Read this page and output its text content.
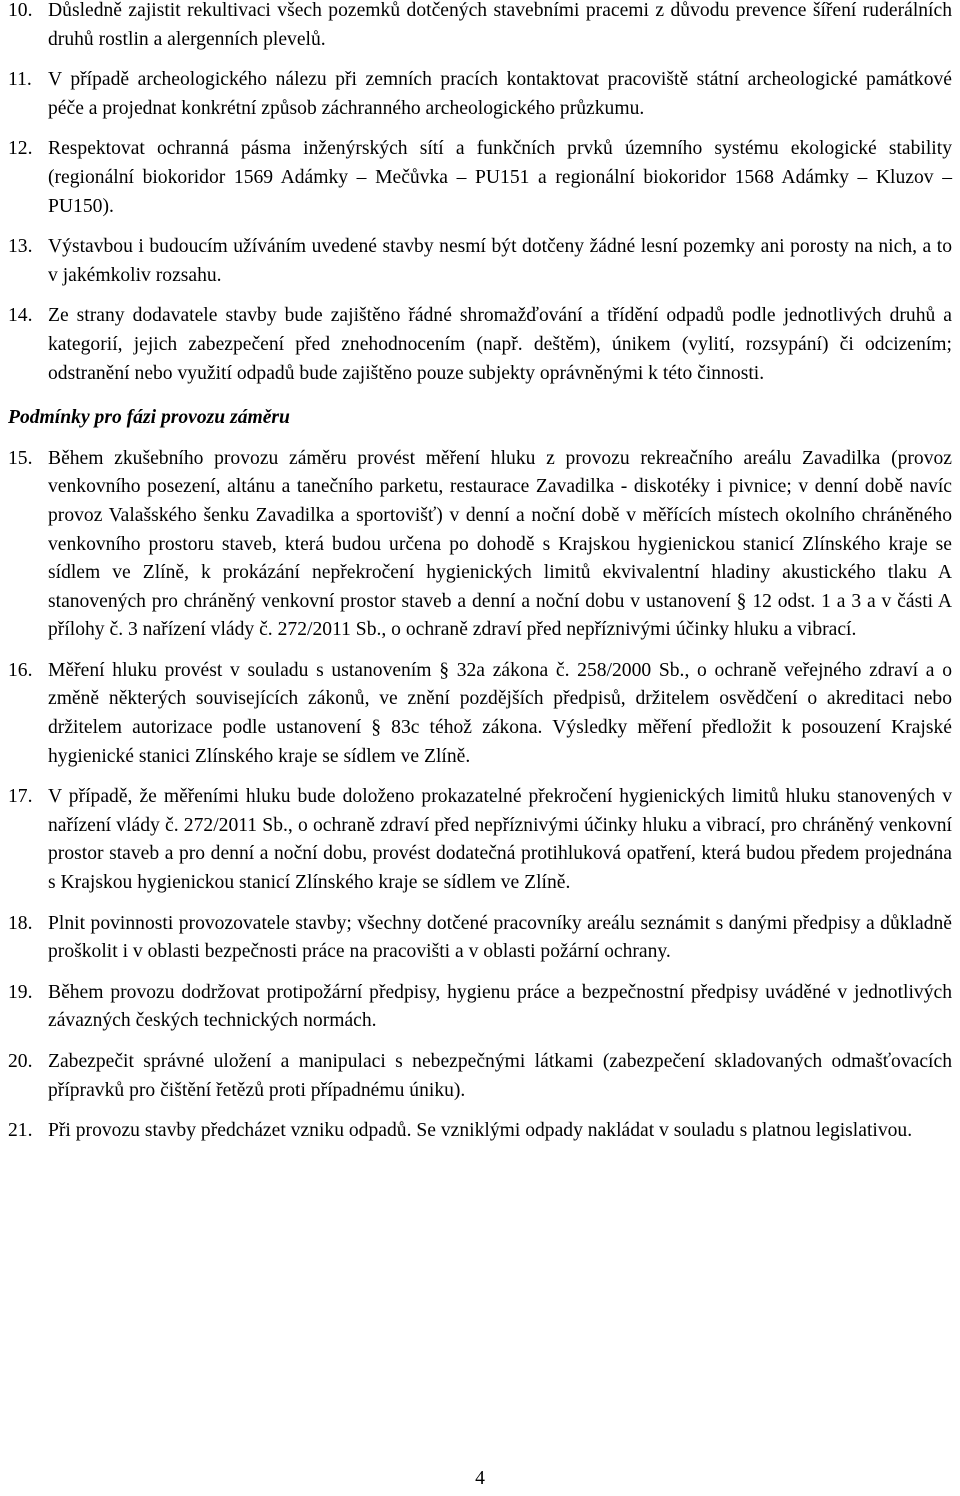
10. Důsledně zajistit rekultivaci všech pozemků dotčených stavebními pracemi z důvodu prevence šíření ruderálních druhů rostlin a alergenních plevelů.
11. V případě archeologického nálezu při zemních pracích kontaktovat pracoviště státní archeologické památkové péče a projednat konkrétní způsob záchranného archeologického průzkumu.
12. Respektovat ochranná pásma inženýrských sítí a funkčních prvků územního systému ekologické stability (regionální biokoridor 1569 Adámky – Mečůvka – PU151 a regionální biokoridor 1568 Adámky – Kluzov – PU150).
13. Výstavbou i budoucím užíváním uvedené stavby nesmí být dotčeny žádné lesní pozemky ani porosty na nich, a to v jakémkoliv rozsahu.
14. Ze strany dodavatele stavby bude zajištěno řádné shromažďování a třídění odpadů podle jednotlivých druhů a kategorií, jejich zabezpečení před znehodnocením (např. deštěm), únikem (vylití, rozsypání) či odcizením; odstranění nebo využití odpadů bude zajištěno pouze subjekty oprávněnými k této činnosti.
Podmínky pro fázi provozu záměru
15. Během zkušebního provozu záměru provést měření hluku z provozu rekreačního areálu Zavadilka (provoz venkovního posezení, altánu a tanečního parketu, restaurace Zavadilka - diskotéky i pivnice; v denní době navíc provoz Valašského šenku Zavadilka a sportovišť) v denní a noční době v měřících místech okolního chráněného venkovního prostoru staveb, která budou určena po dohodě s Krajskou hygienickou stanicí Zlínského kraje se sídlem ve Zlíně, k prokázání nepřekročení hygienických limitů ekvivalentní hladiny akustického tlaku A stanovených pro chráněný venkovní prostor staveb a denní a noční dobu v ustanovení § 12 odst. 1 a 3 a v části A přílohy č. 3 nařízení vlády č. 272/2011 Sb., o ochraně zdraví před nepříznivými účinky hluku a vibrací.
16. Měření hluku provést v souladu s ustanovením § 32a zákona č. 258/2000 Sb., o ochraně veřejného zdraví a o změně některých souvisejících zákonů, ve znění pozdějších předpisů, držitelem osvědčení o akreditaci nebo držitelem autorizace podle ustanovení § 83c téhož zákona. Výsledky měření předložit k posouzení Krajské hygienické stanici Zlínského kraje se sídlem ve Zlíně.
17. V případě, že měřeními hluku bude doloženo prokazatelné překročení hygienických limitů hluku stanovených v nařízení vlády č. 272/2011 Sb., o ochraně zdraví před nepříznivými účinky hluku a vibrací, pro chráněný venkovní prostor staveb a pro denní a noční dobu, provést dodatečná protihluková opatření, která budou předem projednána s Krajskou hygienickou stanicí Zlínského kraje se sídlem ve Zlíně.
18. Plnit povinnosti provozovatele stavby; všechny dotčené pracovníky areálu seznámit s danými předpisy a důkladně proškolit i v oblasti bezpečnosti práce na pracovišti a v oblasti požární ochrany.
19. Během provozu dodržovat protipožární předpisy, hygienu práce a bezpečnostní předpisy uváděné v jednotlivých závazných českých technických normách.
20. Zabezpečit správné uložení a manipulaci s nebezpečnými látkami (zabezpečení skladovaných odmašťovacích přípravků pro čištění řetězů proti případnému úniku).
21. Při provozu stavby předcházet vzniku odpadů. Se vzniklými odpady nakládat v souladu s platnou legislativou.
4
